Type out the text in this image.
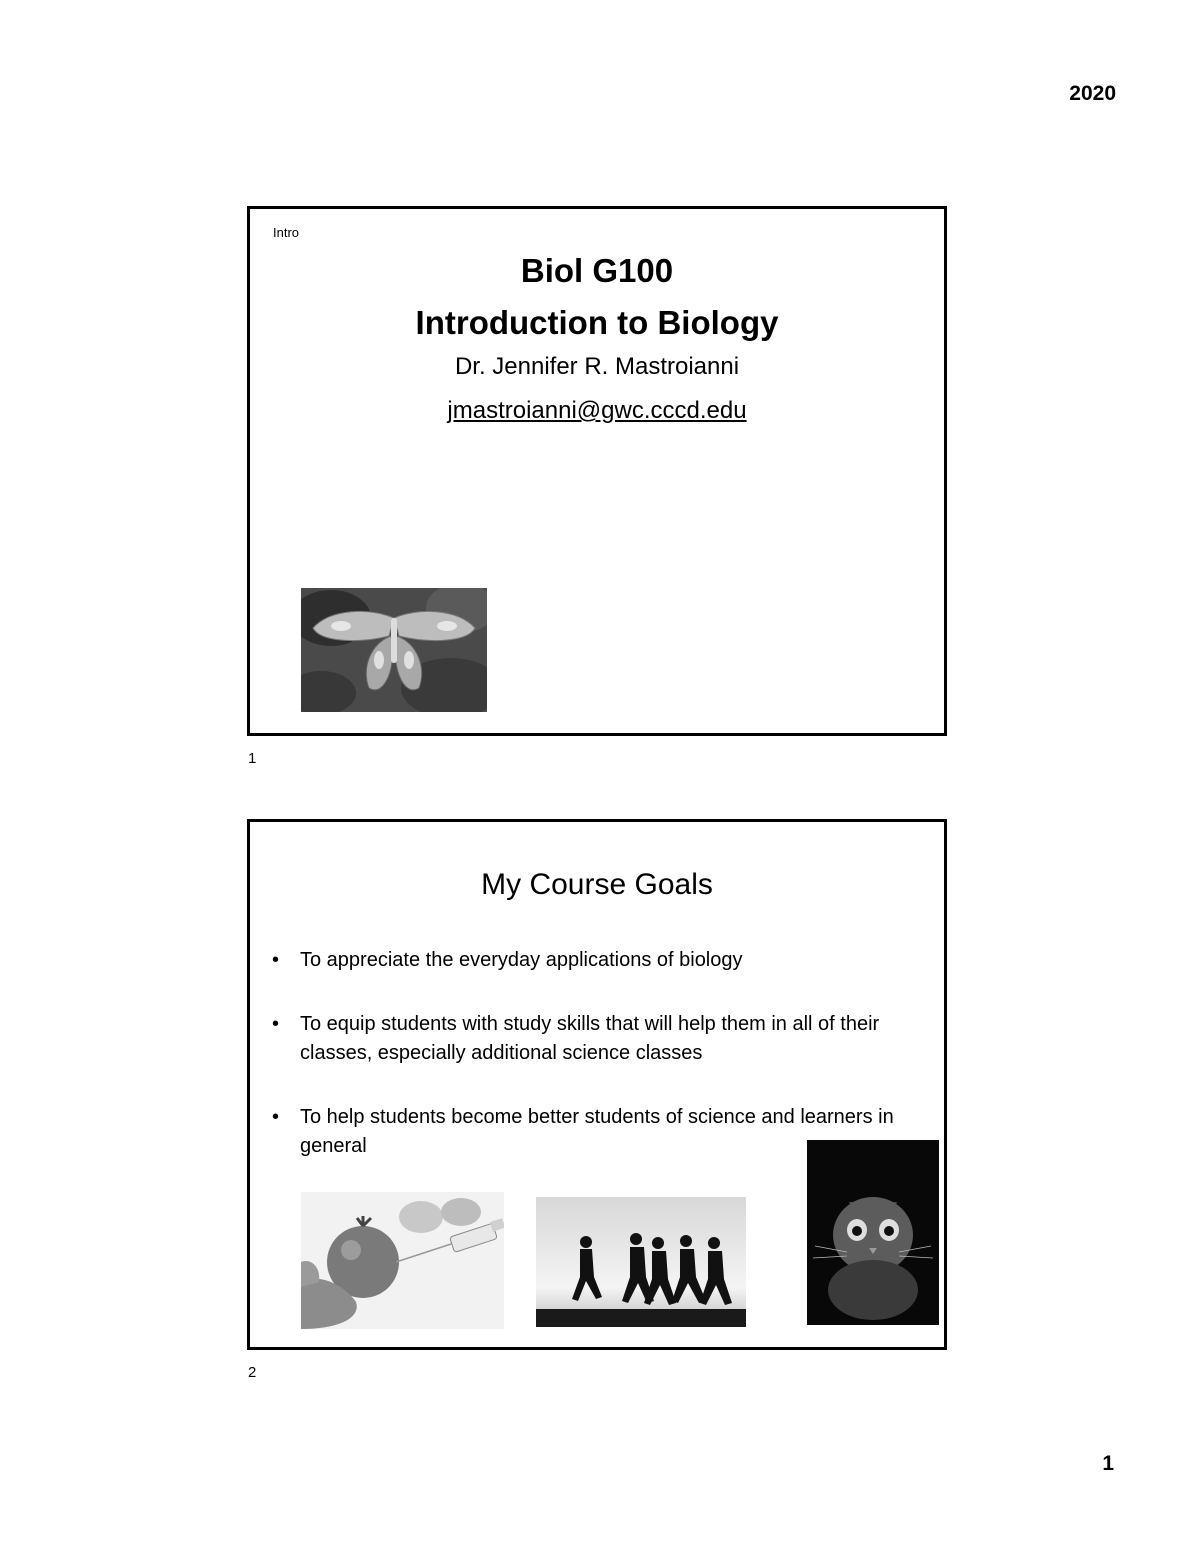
2020
Intro
Biol G100
Introduction to Biology
Dr. Jennifer R. Mastroianni
jmastroianni@gwc.cccd.edu
1
My Course Goals
• To appreciate the everyday applications of biology
• To equip students with study skills that will help them in all of their classes, especially additional science classes
• To help students become better students of science and learners in general
2
1
